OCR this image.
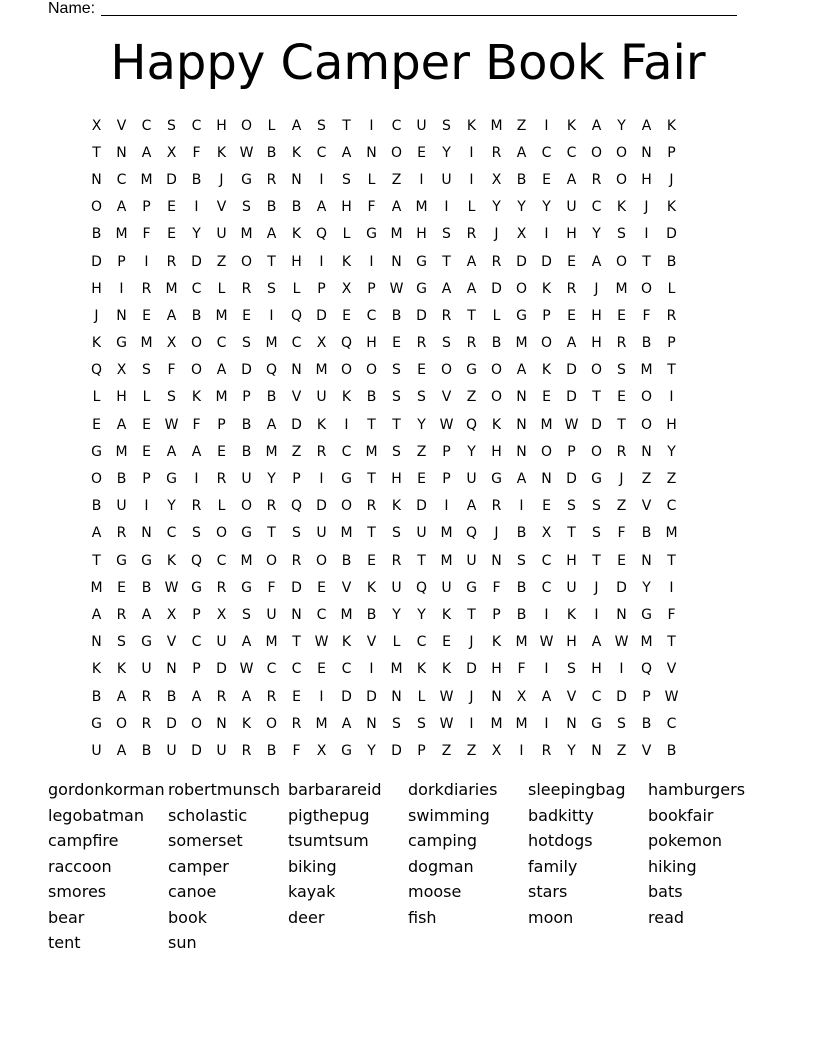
Name:
Happy Camper Book Fair
X	V	C	S	C	H	O	L	A	S	T	I	C	U	S	K	M	Z	I	K	A	Y	A	K
T	N	A	X	F	K W B	K	C	A	N	O	E	Y	I	R	A	C	C	O O	N	P
N	C	M D	B	J	G	R	N	I	S	L	Z	I	U	I	X	B	E	A	R	O	H	J
O	A	P	E	I	V	S	B	B	A	H	F	A	M	I	L	Y	Y	Y	U	C	K	J	K
B	M	F	E	Y	U M	A	K	Q	L	G M H	S	R	J	X	I	H	Y	S	I	D
D	P	I	R	D	Z	O	T	H	I	K	I	N	G	T	A	R	D	D	E	A	O	T	B
H	I	R	M	C	L	R	S	L	P	X	P W G	A	A	D	O	K	R	J	M O	L
J	N	E	A	B	M	E	I	Q	D	E	C	B	D	R	T	L	G	P	E	H	E	F	R
K	G M	X	O	C	S	M	C	X	Q	H	E	R	S	R	B	M O	A	H	R	B	P
Q	X	S	F	O	A	D	Q	N M O O	S	E	O	G	O	A	K	D	O	S	M	T
L	H	L	S	K	M	P	B	V	U	K	B	S	S	V	Z	O	N	E	D	T	E	O	I
E	A	E W	F	P	B	A	D	K	I	T	T	Y W Q	K	N M W D	T	O	H
G M	E	A	A	E	B	M	Z	R	C	M	S	Z	P	Y	H	N	O	P	O	R	N	Y
O	B	P	G	I	R	U	Y	P	I	G	T	H	E	P	U	G	A	N	D	G	J	Z	Z
B	U	I	Y	R	L	O	R	Q	D	O	R	K	D	I	A	R	I	E	S	S	Z	V	C
A	R	N	C	S	O	G	T	S	U M	T	S	U M Q	J	B	X	T	S	F	B	M
T	G	G	K	Q	C	M O	R	O	B	E	R	T	M U	N	S	C	H	T	E	N	T
M	E	B W G	R	G	F	D	E	V	K	U	Q	U	G	F	B	C	U	J	D	Y	I
A	R	A	X	P	X	S	U	N	C	M	B	Y	Y	K	T	P	B	I	K	I	N	G	F
N	S	G	V	C	U	A	M	T W K	V	L	C	E	J	K	M W H	A W M	T
K	K	U	N	P	D W C	C	E	C	I	M	K	K	D	H	F	I	S	H	I	Q	V
B	A	R	B	A	R	A	R	E	I	D	D	N	L	W	J	N	X	A	V	C	D	P W
G	O	R	D	O	N	K	O	R	M	A	N	S	S W	I	M M	I	N	G	S	B	C
U	A	B	U	D	U	R	B	F	X	G	Y	D	P	Z	Z	X	I	R	Y	N	Z	V	B
gordonkorman robertmunsch barbarareid	dorkdiaries	sleepingbag	hamburgers
legobatman	scholastic	pigthepug	swimming	badkitty	bookfair
campfire	somerset	tsumtsum	camping	hotdogs	pokemon
raccoon	camper	biking	dogman	family	hiking
smores	canoe	kayak	moose	stars	bats
bear	book	deer	fish	moon	read
tent	sun
